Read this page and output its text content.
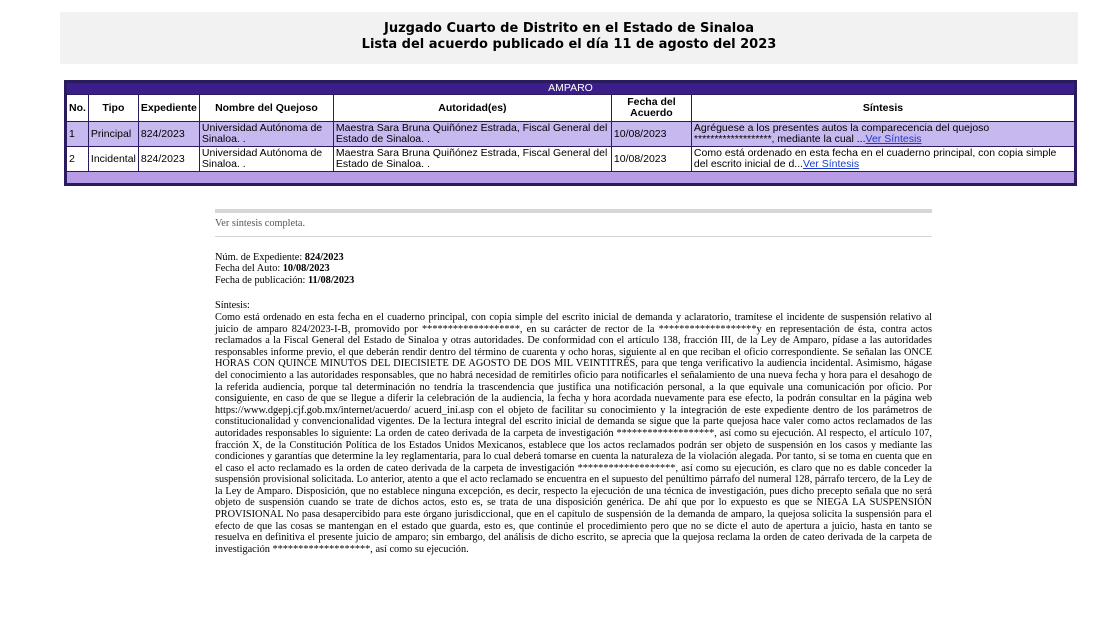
Juzgado Cuarto de Distrito en el Estado de Sinaloa
Lista del acuerdo publicado el día 11 de agosto del 2023
AMPARO						
No.	Tipo	Expediente	Nombre del Quejoso	Autoridad(es)	Fecha del Acuerdo	Síntesis
1	Principal	824/2023	Universidad Autónoma de Sinaloa. .	Maestra Sara Bruna Quiñónez Estrada, Fiscal General del Estado de Sinaloa. .	10/08/2023	Agréguese a los presentes autos la comparecencia del quejoso *******************, mediante la cual ...Ver Síntesis
2	Incidental	824/2023	Universidad Autónoma de Sinaloa. .	Maestra Sara Bruna Quiñónez Estrada, Fiscal General del Estado de Sinaloa. .	10/08/2023	Como está ordenado en esta fecha en el cuaderno principal, con copia simple del escrito inicial de d...Ver Síntesis

Ver síntesis completa.
Núm. de Expediente: 824/2023
Fecha del Auto: 10/08/2023
Fecha de publicación: 11/08/2023
Síntesis:
Como está ordenado en esta fecha en el cuaderno principal, con copia simple del escrito inicial de demanda y aclaratorio, tramítese el incidente de suspensión relativo al juicio de amparo 824/2023-I-B, promovido por *******************, en su carácter de rector de la *******************y en representación de ésta, contra actos reclamados a la Fiscal General del Estado de Sinaloa y otras autoridades. De conformidad con el artículo 138, fracción III, de la Ley de Amparo, pídase a las autoridades responsables informe previo, el que deberán rendir dentro del término de cuarenta y ocho horas, siguiente al en que reciban el oficio correspondiente. Se señalan las ONCE HORAS CON QUINCE MINUTOS DEL DIECISIETE DE AGOSTO DE DOS MIL VEINTITRÉS, para que tenga verificativo la audiencia incidental. Asimismo, hágase del conocimiento a las autoridades responsables, que no habrá necesidad de remitirles oficio para notificarles el señalamiento de una nueva fecha y hora para el desahogo de la referida audiencia, porque tal determinación no tendría la trascendencia que justifica una notificación personal, a la que equivale una comunicación por oficio. Por consiguiente, en caso de que se llegue a diferir la celebración de la audiencia, la fecha y hora acordada nuevamente para ese efecto, la podrán consultar en la página web https://www.dgepj.cjf.gob.mx/internet/acuerdo/ acuerd_ini.asp con el objeto de facilitar su conocimiento y la integración de este expediente dentro de los parámetros de constitucionalidad y convencionalidad vigentes. De la lectura integral del escrito inicial de demanda se sigue que la parte quejosa hace valer como actos reclamados de las autoridades responsables lo siguiente: La orden de cateo derivada de la carpeta de investigación *******************, así como su ejecución. Al respecto, el artículo 107, fracción X, de la Constitución Política de los Estados Unidos Mexicanos, establece que los actos reclamados podrán ser objeto de suspensión en los casos y mediante las condiciones y garantías que determine la ley reglamentaria, para lo cual deberá tomarse en cuenta la naturaleza de la violación alegada. Por tanto, si se toma en cuenta que en el caso el acto reclamado es la orden de cateo derivada de la carpeta de investigación *******************, así como su ejecución, es claro que no es dable conceder la suspensión provisional solicitada. Lo anterior, atento a que el acto reclamado se encuentra en el supuesto del penúltimo párrafo del numeral 128, párrafo tercero, de la Ley de la Ley de Amparo. Disposición, que no establece ninguna excepción, es decir, respecto la ejecución de una técnica de investigación, pues dicho precepto señala que no será objeto de suspensión cuando se trate de dichos actos, esto es, se trata de una disposición genérica. De ahí que por lo expuesto es que se NIEGA LA SUSPENSIÓN PROVISIONAL No pasa desapercibido para este órgano jurisdiccional, que en el capítulo de suspensión de la demanda de amparo, la quejosa solicita la suspensión para el efecto de que las cosas se mantengan en el estado que guarda, esto es, que continúe el procedimiento pero que no se dicte el auto de apertura a juicio, hasta en tanto se resuelva en definitiva el presente juicio de amparo; sin embargo, del análisis de dicho escrito, se aprecia que la quejosa reclama la orden de cateo derivada de la carpeta de investigación *******************, así como su ejecución.
